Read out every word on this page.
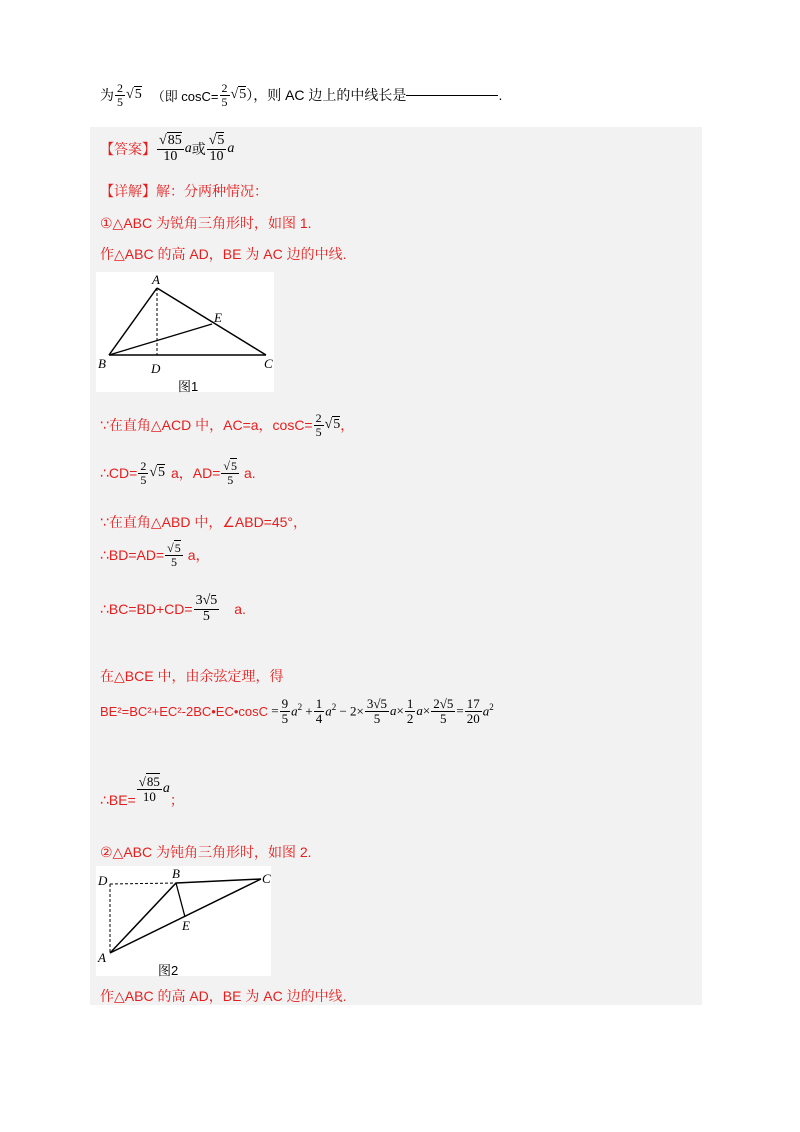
为 $\frac{2}{5} √5$ （即 $\cos C= \frac{2}{5} √5$ ），则 AC 边上的中线长是	.
【答案】 $\frac{√85}{10}$ a 或 $\frac{√5}{10}$ a
【详解】解：分两种情况：
①△ABC 为锐角三角形时，如图 1.
作△ABC 的高 AD，BE 为 AC 边的中线.
A
E
B	D	C
图1
∵在直角△ACD 中，AC=a，$\cos C= \frac{2}{5} √5$ ，
∴CD= $\frac{2}{5} √5$ a，$AD= \frac{√5}{5} a$.
∵在直角△ABD 中，∠ABD=45°，
∴BD=AD= $\frac{√5}{5}$ a，
∴BC=BD+CD= $\frac{3√5}{5} a$.
在△BCE 中，由余弦定理，得
BE²=BC²+EC²-2BC•EC•cosC = $\frac{9}{5} a^2 + \frac{1}{4} a^2 - 2\times \frac{3√5}{5} a\times \frac{1}{2} a\times \frac{2√5}{5} = \frac{17}{20} a^2$
∴BE= $\frac{√85}{10}$ a
；
②△ABC 为钝角三角形时，如图 2.
D	B	C
E
A
图2
作△ABC 的高 AD，BE 为 AC 边的中线.
